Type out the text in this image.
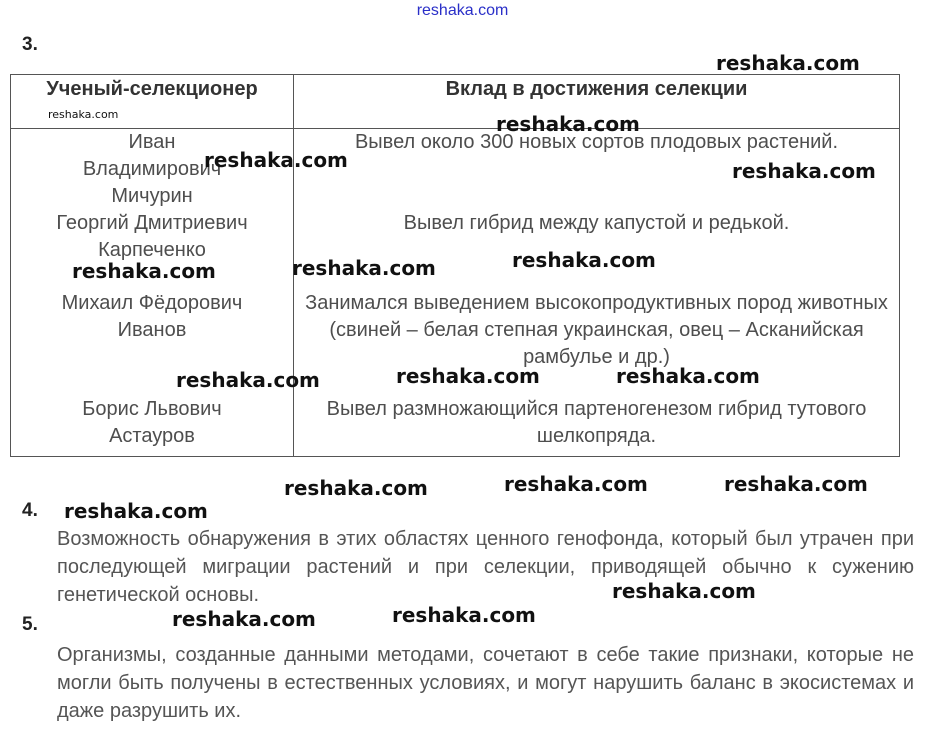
reshaka.com
3.
Ученый-селекционер	Вклад в достижения селекции
Иван Владимирович Мичурин	Вывел около 300 новых сортов плодовых растений.
Георгий Дмитриевич Карпеченко	Вывел гибрид между капустой и редькой.
Михаил Фёдорович Иванов	Занимался выведением высокопродуктивных пород животных (свиней – белая степная украинская, овец – Асканийская рамбулье и др.)
Борис Львович Астауров	Вывел размножающийся партеногенезом гибрид тутового шелкопряда.
4.
Возможность обнаружения в этих областях ценного генофонда, который был утрачен при последующей миграции растений и при селекции, приводящей обычно к сужению генетической основы.
5.
Организмы, созданные данными методами, сочетают в себе такие признаки, которые не могли быть получены в естественных условиях, и могут нарушить баланс в экосистемах и даже разрушить их.
reshaka.com
reshaka.com	reshaka.com
reshaka.com	reshaka.com
reshaka.com
reshaka.com
reshaka.com
reshaka.com	reshaka.com
reshaka.com
reshaka.com	reshaka.com
reshaka.com
reshaka.com
reshaka.com
reshaka.com
reshaka.com
